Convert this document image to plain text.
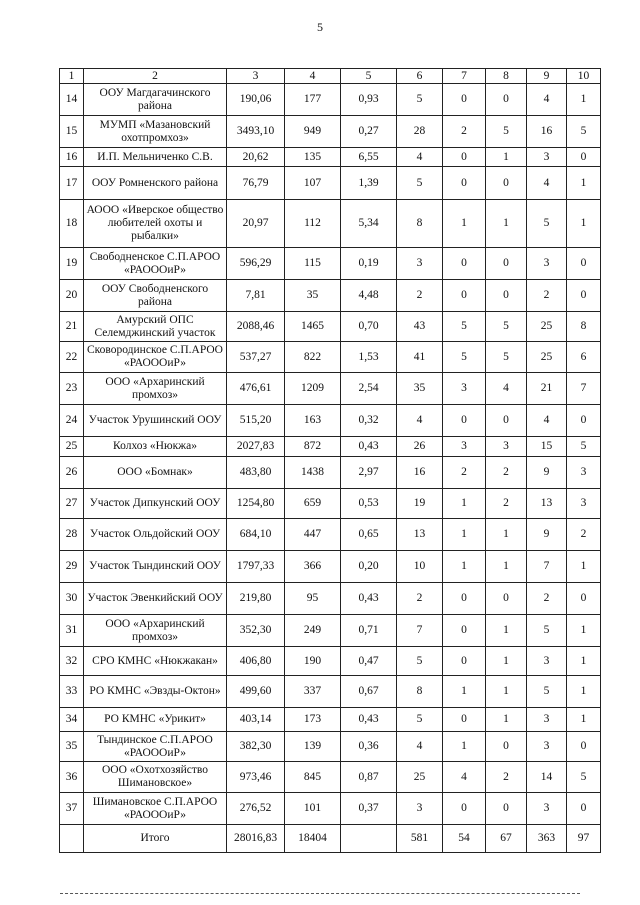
5
1	2	3	4	5	6	7	8	9	10
14	ООУ Магдагачинского района	190,06	177	0,93	5	0	0	4	1
15	МУМП «Мазановский охотпромхоз»	3493,10	949	0,27	28	2	5	16	5
16	И.П. Мельниченко С.В.	20,62	135	6,55	4	0	1	3	0
17	ООУ Ромненского района	76,79	107	1,39	5	0	0	4	1
18	АООО «Иверское общество любителей охоты и рыбалки»	20,97	112	5,34	8	1	1	5	1
19	Свободненское С.П.АРОО «РАОООиР»	596,29	115	0,19	3	0	0	3	0
20	ООУ Свободненского района	7,81	35	4,48	2	0	0	2	0
21	Амурский ОПС Селемджинский участок	2088,46	1465	0,70	43	5	5	25	8
22	Сковородинское С.П.АРОО «РАОООиР»	537,27	822	1,53	41	5	5	25	6
23	ООО «Архаринский промхоз»	476,61	1209	2,54	35	3	4	21	7
24	Участок Урушинский ООУ	515,20	163	0,32	4	0	0	4	0
25	Колхоз «Нюкжа»	2027,83	872	0,43	26	3	3	15	5
26	ООО «Бомнак»	483,80	1438	2,97	16	2	2	9	3
27	Участок Дипкунский ООУ	1254,80	659	0,53	19	1	2	13	3
28	Участок Ольдойский ООУ	684,10	447	0,65	13	1	1	9	2
29	Участок Тындинский ООУ	1797,33	366	0,20	10	1	1	7	1
30	Участок Эвенкийский ООУ	219,80	95	0,43	2	0	0	2	0
31	ООО «Архаринский промхоз»	352,30	249	0,71	7	0	1	5	1
32	СРО КМНС «Нюкжакан»	406,80	190	0,47	5	0	1	3	1
33	РО КМНС «Эвзды-Октон»	499,60	337	0,67	8	1	1	5	1
34	РО КМНС «Урикит»	403,14	173	0,43	5	0	1	3	1
35	Тындинское С.П.АРОО «РАОООиР»	382,30	139	0,36	4	1	0	3	0
36	ООО «Охотхозяйство Шимановское»	973,46	845	0,87	25	4	2	14	5
37	Шимановское С.П.АРОО «РАОООиР»	276,52	101	0,37	3	0	0	3	0
	Итого	28016,83	18404		581	54	67	363	97
